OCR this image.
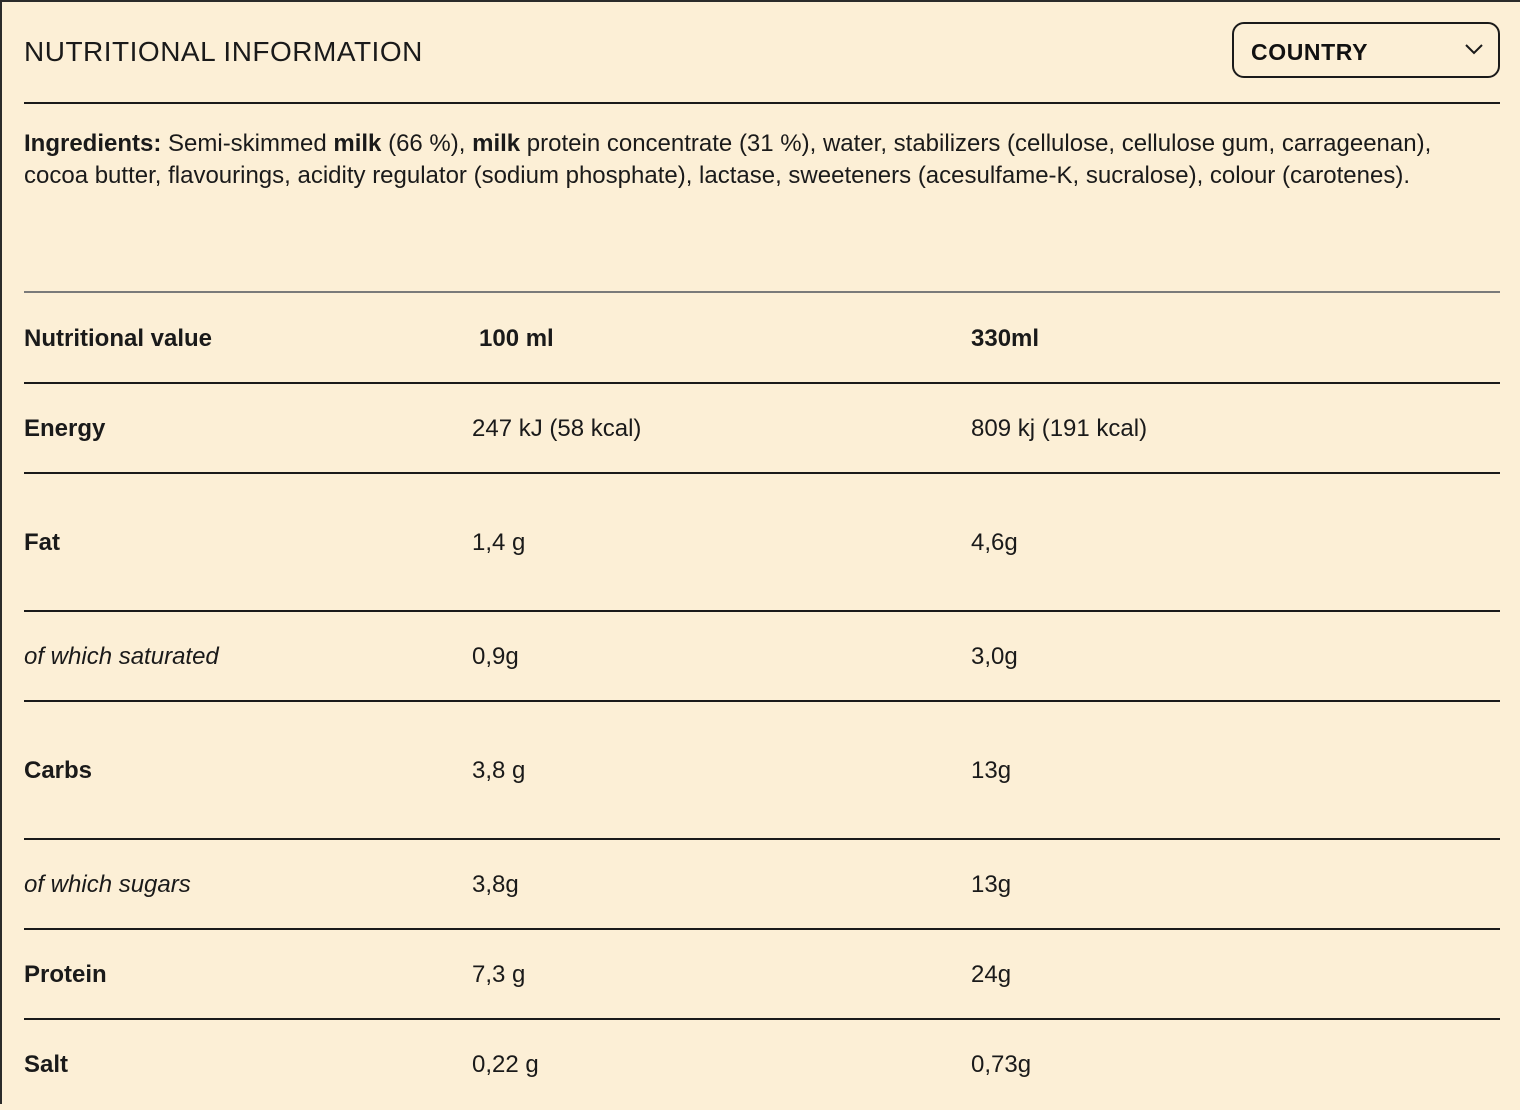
NUTRITIONAL INFORMATION	COUNTRY
Ingredients: Semi-skimmed milk (66 %), milk protein concentrate (31 %), water, stabilizers (cellulose, cellulose gum, carrageenan), cocoa butter, flavourings, acidity regulator (sodium phosphate), lactase, sweeteners (acesulfame-K, sucralose), colour (carotenes).
Nutritional value	100 ml	330ml
Energy	247 kJ (58 kcal)	809 kj (191 kcal)
Fat	1,4 g	4,6g
of which saturated	0,9g	3,0g
Carbs	3,8 g	13g
of which sugars	3,8g	13g
Protein	7,3 g	24g
Salt	0,22 g	0,73g
